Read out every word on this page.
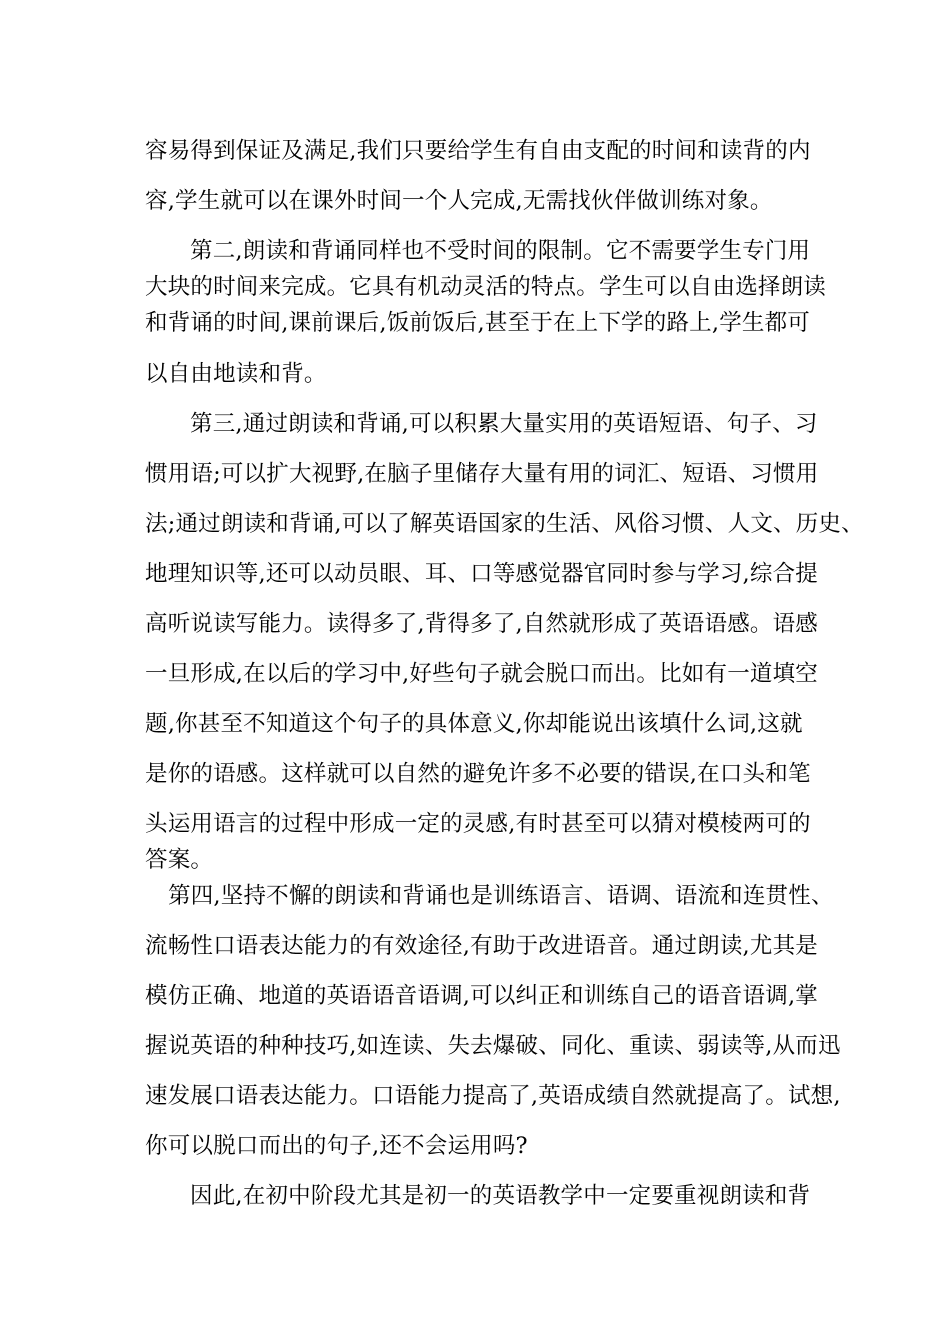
容易得到保证及满足,我们只要给学生有自由支配的时间和读背的内
容,学生就可以在课外时间一个人完成,无需找伙伴做训练对象。
第二,朗读和背诵同样也不受时间的限制。它不需要学生专门用
大块的时间来完成。它具有机动灵活的特点。学生可以自由选择朗读
和背诵的时间,课前课后,饭前饭后,甚至于在上下学的路上,学生都可
以自由地读和背。
第三,通过朗读和背诵,可以积累大量实用的英语短语、句子、习
惯用语;可以扩大视野,在脑子里储存大量有用的词汇、短语、习惯用
法;通过朗读和背诵,可以了解英语国家的生活、风俗习惯、人文、历史、
地理知识等,还可以动员眼、耳、口等感觉器官同时参与学习,综合提
高听说读写能力。读得多了,背得多了,自然就形成了英语语感。语感
一旦形成,在以后的学习中,好些句子就会脱口而出。比如有一道填空
题,你甚至不知道这个句子的具体意义,你却能说出该填什么词,这就
是你的语感。这样就可以自然的避免许多不必要的错误,在口头和笔
头运用语言的过程中形成一定的灵感,有时甚至可以猜对模棱两可的
答案。
第四,坚持不懈的朗读和背诵也是训练语言、语调、语流和连贯性、
流畅性口语表达能力的有效途径,有助于改进语音。通过朗读,尤其是
模仿正确、地道的英语语音语调,可以纠正和训练自己的语音语调,掌
握说英语的种种技巧,如连读、失去爆破、同化、重读、弱读等,从而迅
速发展口语表达能力。口语能力提高了,英语成绩自然就提高了。试想,
你可以脱口而出的句子,还不会运用吗?
因此,在初中阶段尤其是初一的英语教学中一定要重视朗读和背
